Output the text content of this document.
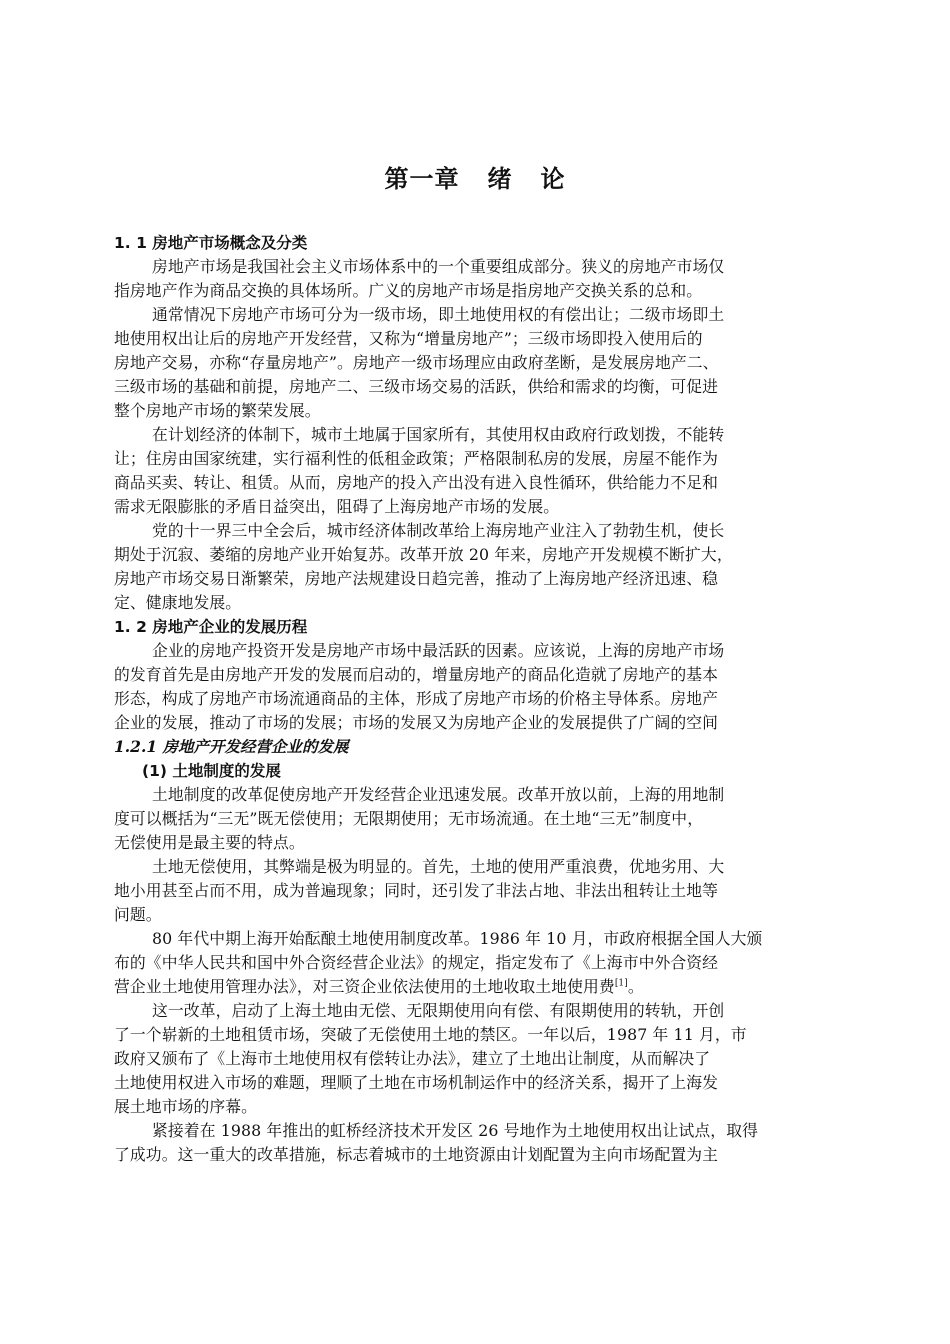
第一章 绪 论
1. 1 房地产市场概念及分类
房地产市场是我国社会主义市场体系中的一个重要组成部分。狭义的房地产市场仅
指房地产作为商品交换的具体场所。广义的房地产市场是指房地产交换关系的总和。
通常情况下房地产市场可分为一级市场，即土地使用权的有偿出让；二级市场即土
地使用权出让后的房地产开发经营，又称为“增量房地产”；三级市场即投入使用后的
房地产交易，亦称“存量房地产”。房地产一级市场理应由政府垄断，是发展房地产二、
三级市场的基础和前提，房地产二、三级市场交易的活跃，供给和需求的均衡，可促进
整个房地产市场的繁荣发展。
在计划经济的体制下，城市土地属于国家所有，其使用权由政府行政划拨，不能转
让；住房由国家统建，实行福利性的低租金政策；严格限制私房的发展，房屋不能作为
商品买卖、转让、租赁。从而，房地产的投入产出没有进入良性循环，供给能力不足和
需求无限膨胀的矛盾日益突出，阻碍了上海房地产市场的发展。
党的十一界三中全会后，城市经济体制改革给上海房地产业注入了勃勃生机，使长
期处于沉寂、萎缩的房地产业开始复苏。改革开放 20 年来，房地产开发规模不断扩大，
房地产市场交易日渐繁荣，房地产法规建设日趋完善，推动了上海房地产经济迅速、稳
定、健康地发展。
1. 2 房地产企业的发展历程
企业的房地产投资开发是房地产市场中最活跃的因素。应该说，上海的房地产市场
的发育首先是由房地产开发的发展而启动的，增量房地产的商品化造就了房地产的基本
形态，构成了房地产市场流通商品的主体，形成了房地产市场的价格主导体系。房地产
企业的发展，推动了市场的发展；市场的发展又为房地产企业的发展提供了广阔的空间
1.2.1 房地产开发经营企业的发展
(1) 土地制度的发展
土地制度的改革促使房地产开发经营企业迅速发展。改革开放以前，上海的用地制
度可以概括为“三无”既无偿使用；无限期使用；无市场流通。在土地“三无”制度中，
无偿使用是最主要的特点。
土地无偿使用，其弊端是极为明显的。首先，土地的使用严重浪费，优地劣用、大
地小用甚至占而不用，成为普遍现象；同时，还引发了非法占地、非法出租转让土地等
问题。
80 年代中期上海开始酝酿土地使用制度改革。1986 年 10 月，市政府根据全国人大颁
布的《中华人民共和国中外合资经营企业法》的规定，指定发布了《上海市中外合资经
营企业土地使用管理办法》，对三资企业依法使用的土地收取土地使用费[1]。
这一改革，启动了上海土地由无偿、无限期使用向有偿、有限期使用的转轨，开创
了一个崭新的土地租赁市场，突破了无偿使用土地的禁区。一年以后，1987 年 11 月，市
政府又颁布了《上海市土地使用权有偿转让办法》，建立了土地出让制度，从而解决了
土地使用权进入市场的难题，理顺了土地在市场机制运作中的经济关系，揭开了上海发
展土地市场的序幕。
紧接着在 1988 年推出的虹桥经济技术开发区 26 号地作为土地使用权出让试点，取得
了成功。这一重大的改革措施，标志着城市的土地资源由计划配置为主向市场配置为主
